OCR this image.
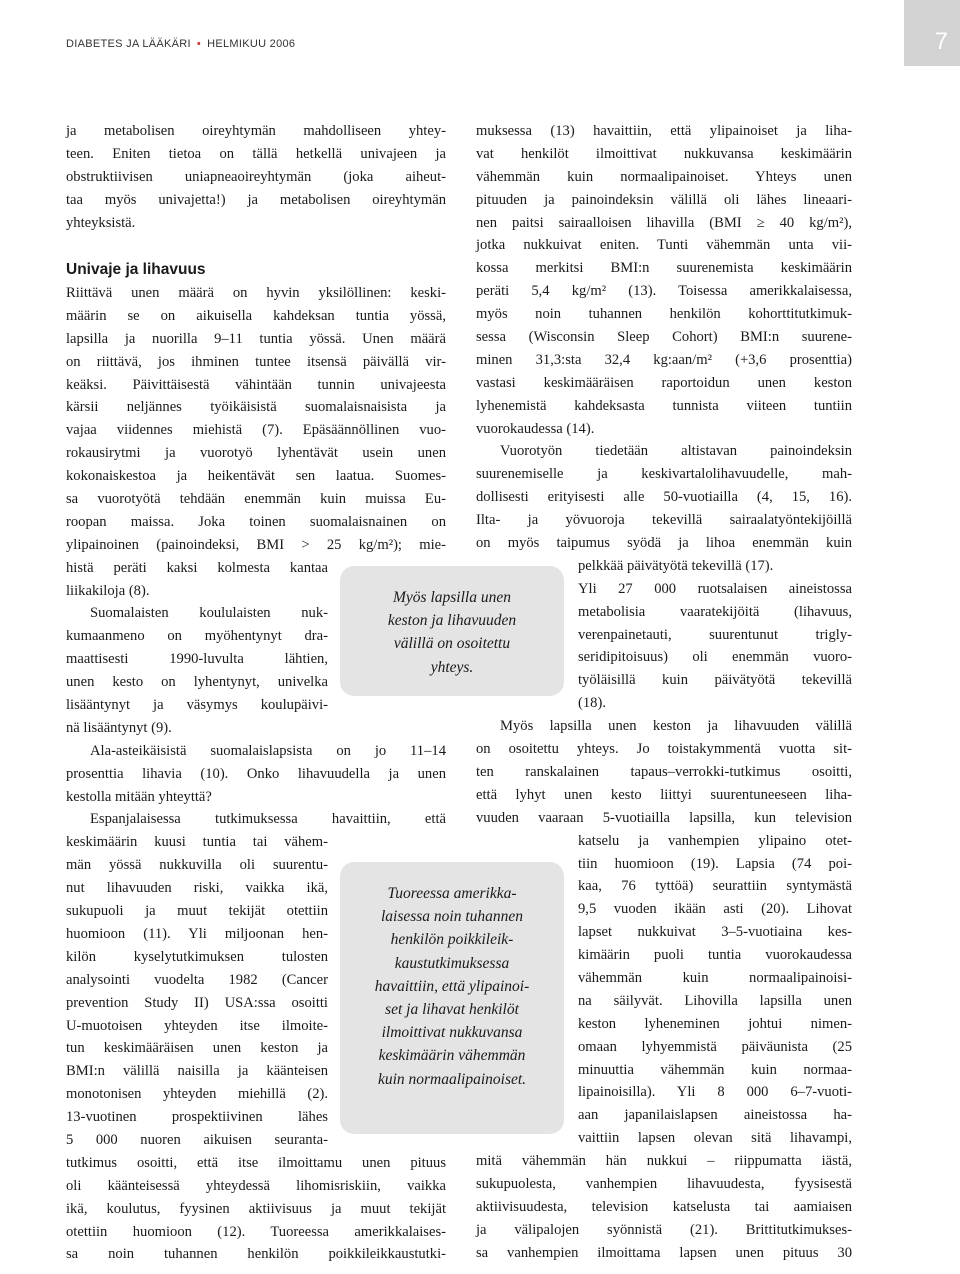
DIABETES JA LÄÄKÄRI • HELMIKUU 2006	7
ja metabolisen oireyhtymän mahdolliseen yhtey-
teen. Eniten tietoa on tällä hetkellä univajeen ja
obstruktiivisen uniapneaoireyhtymän (joka aiheut-
taa myös univajetta!) ja metabolisen oireyhtymän
yhteyksistä.
Univaje ja lihavuus
Riittävä unen määrä on hyvin yksilöllinen: keski-
määrin se on aikuisella kahdeksan tuntia yössä,
lapsilla ja nuorilla 9–11 tuntia yössä. Unen määrä
on riittävä, jos ihminen tuntee itsensä päivällä vir-
keäksi. Päivittäisestä vähintään tunnin univajeesta
kärsii neljännes työikäisistä suomalaisnaisista ja
vajaa viidennes miehistä (7). Epäsäännöllinen vuo-
rokausirytmi ja vuorotyö lyhentävät usein unen
kokonaiskestoa ja heikentävät sen laatua. Suomes-
sa vuorotyötä tehdään enemmän kuin muissa Eu-
roopan maissa. Joka toinen suomalaisnainen on
ylipainoinen (painoindeksi, BMI > 25 kg/m²); mie-
histä peräti kaksi kolmesta kantaa
liikakiloja (8).
Suomalaisten koululaisten nuk-
kumaanmeno on myöhentynyt dra-
maattisesti 1990-luvulta lähtien,
unen kesto on lyhentynyt, univelka
lisääntynyt ja väsymys koulupäivi-
nä lisääntynyt (9).
Ala-asteikäisistä suomalaislapsista on jo 11–14
prosenttia lihavia (10). Onko lihavuudella ja unen
kestolla mitään yhteyttä?
Espanjalaisessa tutkimuksessa havaittiin, että
keskimäärin kuusi tuntia tai vähem-
män yössä nukkuvilla oli suurentu-
nut lihavuuden riski, vaikka ikä,
sukupuoli ja muut tekijät otettiin
huomioon (11). Yli miljoonan hen-
kilön kyselytutkimuksen tulosten
analysointi vuodelta 1982 (Cancer
prevention Study II) USA:ssa osoitti
U-muotoisen yhteyden itse ilmoite-
tun keskimääräisen unen keston ja
BMI:n välillä naisilla ja käänteisen
monotonisen yhteyden miehillä (2).
13-vuotinen prospektiivinen lähes
5 000 nuoren aikuisen seuranta-
tutkimus osoitti, että itse ilmoittamu unen pituus
oli käänteisessä yhteydessä lihomisriskiin, vaikka
ikä, koulutus, fyysinen aktiivisuus ja muut tekijät
otettiin huomioon (12). Tuoreessa amerikkalaises-
sa noin tuhannen henkilön poikkileikkaustutki-
muksessa (13) havaittiin, että ylipainoiset ja liha-
vat henkilöt ilmoittivat nukkuvansa keskimäärin
vähemmän kuin normaalipainoiset. Yhteys unen
pituuden ja painoindeksin välillä oli lähes lineaari-
nen paitsi sairaalloisen lihavilla (BMI ≥ 40 kg/m²),
jotka nukkuivat eniten. Tunti vähemmän unta vii-
kossa merkitsi BMI:n suurenemista keskimäärin
peräti 5,4 kg/m² (13). Toisessa amerikkalaisessa,
myös noin tuhannen henkilön kohorttitutkimuk-
sessa (Wisconsin Sleep Cohort) BMI:n suurene-
minen 31,3:sta 32,4 kg:aan/m² (+3,6 prosenttia)
vastasi keskimääräisen raportoidun unen keston
lyhenemistä kahdeksasta tunnista viiteen tuntiin
vuorokaudessa (14).
Vuorotyön tiedetään altistavan painoindeksin
suurenemiselle ja keskivartalolihavuudelle, mah-
dollisesti erityisesti alle 50-vuotiailla (4, 15, 16).
Ilta- ja yövuoroja tekevillä sairaalatyöntekijöillä
on myös taipumus syödä ja lihoa enemmän kuin
pelkkää päivätyötä tekevillä (17).
Yli 27 000 ruotsalaisen aineistossa
metabolisia vaaratekijöitä (lihavuus,
verenpainetauti, suurentunut trigly-
seridipitoisuus) oli enemmän vuoro-
työläisillä kuin päivätyötä tekevillä
(18).
Myös lapsilla unen keston ja lihavuuden välillä
on osoitettu yhteys. Jo toistakymmentä vuotta sit-
ten ranskalainen tapaus–verrokki-tutkimus osoitti,
että lyhyt unen kesto liittyi suurentuneeseen liha-
vuuden vaaraan 5-vuotiailla lapsilla, kun television
katselu ja vanhempien ylipaino otet-
tiin huomioon (19). Lapsia (74 poi-
kaa, 76 tyttöä) seurattiin syntymästä
9,5 vuoden ikään asti (20). Lihovat
lapset nukkuivat 3–5-vuotiaina kes-
kimäärin puoli tuntia vuorokaudessa
vähemmän kuin normaalipainoisi-
na säilyvät. Lihovilla lapsilla unen
keston lyheneminen johtui nimen-
omaan lyhyemmistä päiväunista (25
minuuttia vähemmän kuin normaa-
lipainoisilla). Yli 8 000 6–7-vuoti-
aan japanilaislapsen aineistossa ha-
vaittiin lapsen olevan sitä lihavampi,
mitä vähemmän hän nukkui – riippumatta iästä,
sukupuolesta, vanhempien lihavuudesta, fyysisestä
aktiivisuudesta, television katselusta tai aamiaisen
ja välipalojen syönnistä (21). Brittitutkimukses-
sa vanhempien ilmoittama lapsen unen pituus 30
Myös lapsilla unen
keston ja lihavuuden
välillä on osoitettu
yhteys.
Tuoreessa amerikka-
laisessa noin tuhannen
henkilön poikkileik-
kaustutkimuksessa
havaittiin, että ylipainoi-
set ja lihavat henkilöt
ilmoittivat nukkuvansa
keskimäärin vähemmän
kuin normaalipainoiset.
